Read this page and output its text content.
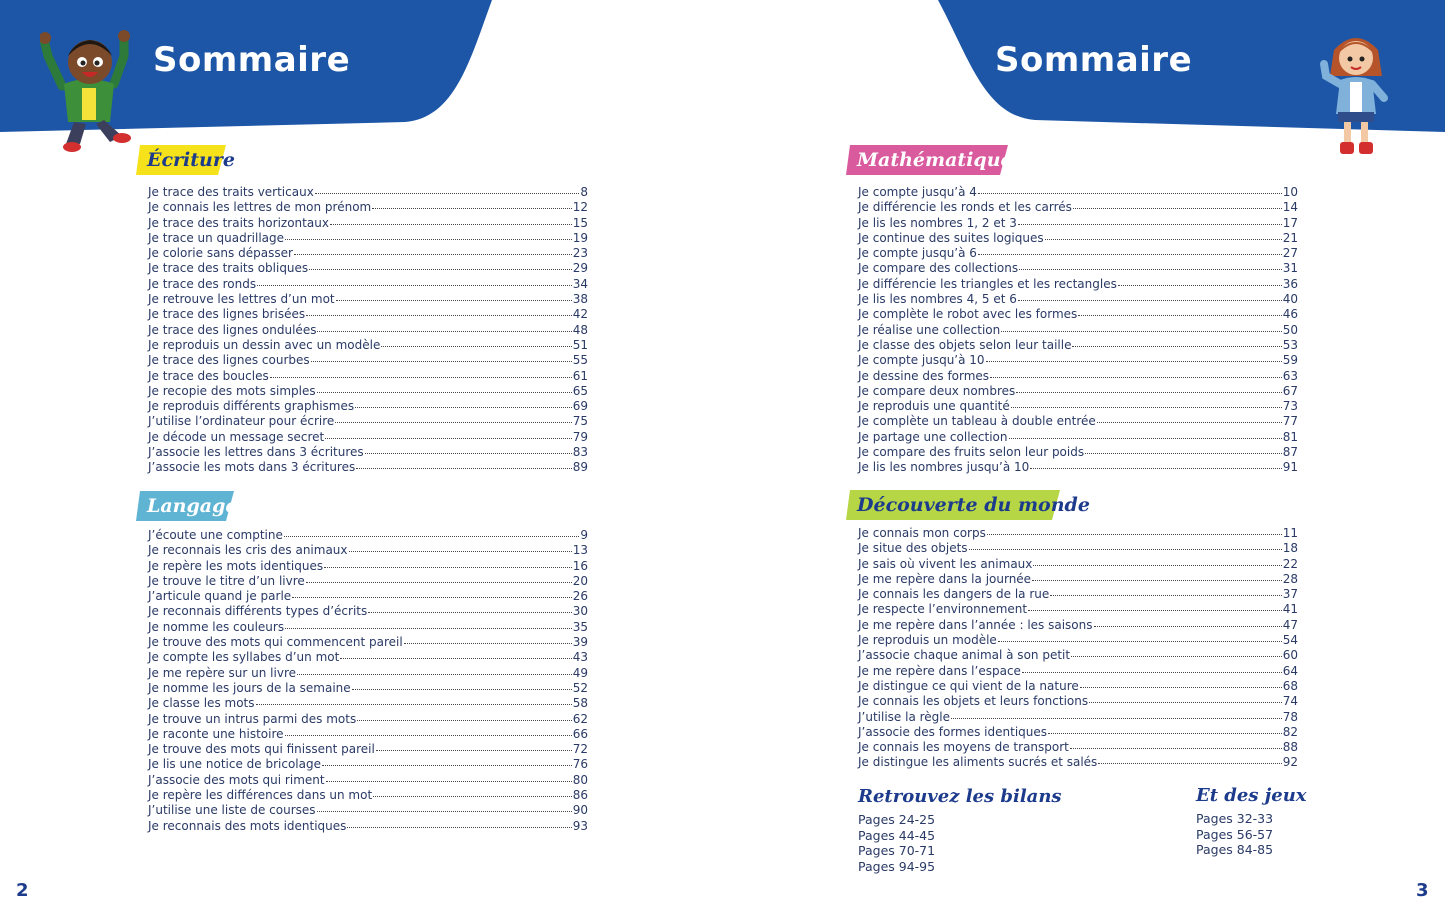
Sommaire	Sommaire
Écriture
Langage
Mathématiques
Découverte du monde
Je trace des traits verticaux	8
Je connais les lettres de mon prénom	12
Je trace des traits horizontaux	15
Je trace un quadrillage	19
Je colorie sans dépasser	23
Je trace des traits obliques	29
Je trace des ronds	34
Je retrouve les lettres d’un mot	38
Je trace des lignes brisées	42
Je trace des lignes ondulées	48
Je reproduis un dessin avec un modèle	51
Je trace des lignes courbes	55
Je trace des boucles	61
Je recopie des mots simples	65
Je reproduis différents graphismes	69
J’utilise l’ordinateur pour écrire	75
Je décode un message secret	79
J’associe les lettres dans 3 écritures	83
J’associe les mots dans 3 écritures	89
J’écoute une comptine	9
Je reconnais les cris des animaux	13
Je repère les mots identiques	16
Je trouve le titre d’un livre	20
J’articule quand je parle	26
Je reconnais différents types d’écrits	30
Je nomme les couleurs	35
Je trouve des mots qui commencent pareil	39
Je compte les syllabes d’un mot	43
Je me repère sur un livre	49
Je nomme les jours de la semaine	52
Je classe les mots	58
Je trouve un intrus parmi des mots	62
Je raconte une histoire	66
Je trouve des mots qui finissent pareil	72
Je lis une notice de bricolage	76
J’associe des mots qui riment	80
Je repère les différences dans un mot	86
J’utilise une liste de courses	90
Je reconnais des mots identiques	93
Je compte jusqu’à 4	10
Je différencie les ronds et les carrés	14
Je lis les nombres 1, 2 et 3	17
Je continue des suites logiques	21
Je compte jusqu’à 6	27
Je compare des collections	31
Je différencie les triangles et les rectangles	36
Je lis les nombres 4, 5 et 6	40
Je complète le robot avec les formes	46
Je réalise une collection	50
Je classe des objets selon leur taille	53
Je compte jusqu’à 10	59
Je dessine des formes	63
Je compare deux nombres	67
Je reproduis une quantité	73
Je complète un tableau à double entrée	77
Je partage une collection	81
Je compare des fruits selon leur poids	87
Je lis les nombres jusqu’à 10	91
Je connais mon corps	11
Je situe des objets	18
Je sais où vivent les animaux	22
Je me repère dans la journée	28
Je connais les dangers de la rue	37
Je respecte l’environnement	41
Je me repère dans l’année : les saisons	47
Je reproduis un modèle	54
J’associe chaque animal à son petit	60
Je me repère dans l’espace	64
Je distingue ce qui vient de la nature	68
Je connais les objets et leurs fonctions	74
J’utilise la règle	78
J’associe des formes identiques	82
Je connais les moyens de transport	88
Je distingue les aliments sucrés et salés	92
Retrouvez les bilans
Pages 24-25
Pages 44-45
Pages 70-71
Pages 94-95
Et des jeux
Pages 32-33
Pages 56-57
Pages 84-85
2	3
